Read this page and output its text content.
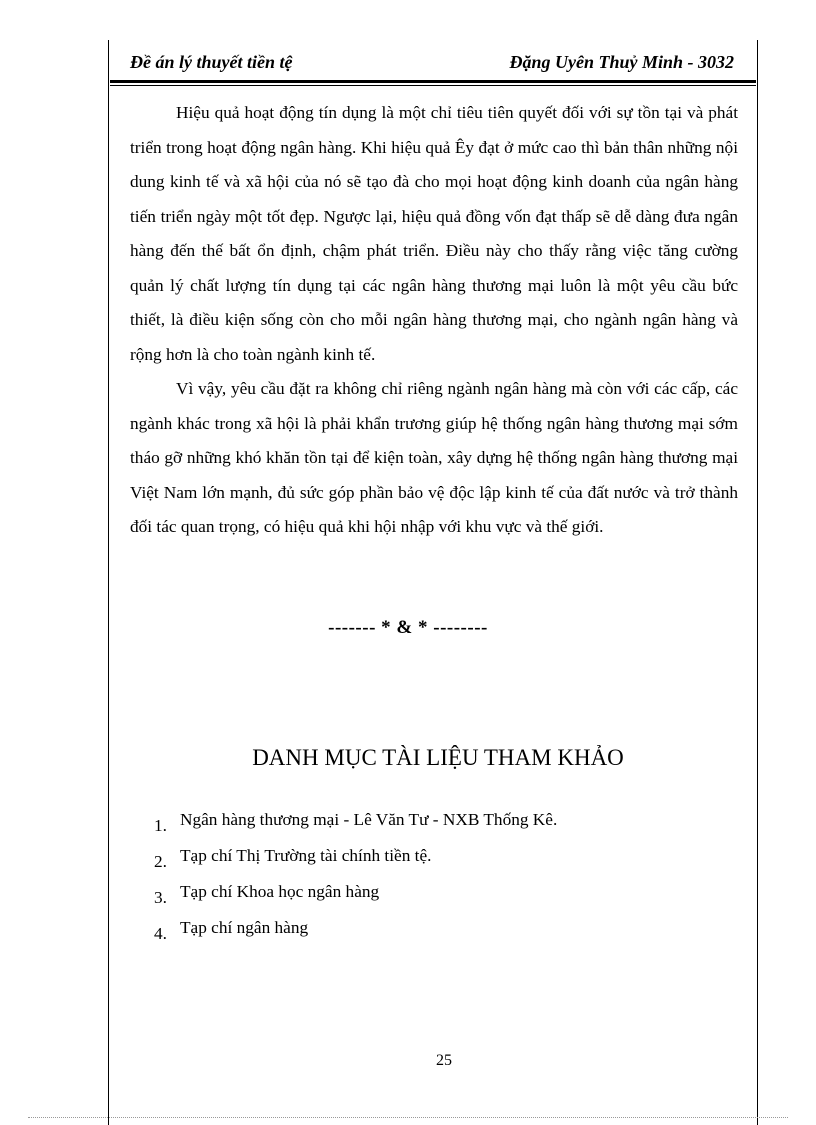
Đề án lý thuyết tiền tệ	Đặng Uyên Thuỷ Minh - 3032

Hiệu quả hoạt động tín dụng là một chỉ tiêu tiên quyết đối với sự tồn tại và phát triển trong hoạt động ngân hàng. Khi hiệu quả Êy đạt ở mức cao thì bản thân những nội dung kinh tế và xã hội của nó sẽ tạo đà cho mọi hoạt động kinh doanh của ngân hàng tiến triển ngày một tốt đẹp. Ngược lại, hiệu quả đồng vốn đạt thấp sẽ dễ dàng đưa ngân hàng đến thế bất ổn định, chậm phát triển. Điều này cho thấy rằng việc tăng cường quản lý chất lượng tín dụng tại các ngân hàng thương mại luôn là một yêu cầu bức thiết, là điều kiện sống còn cho mỗi ngân hàng thương mại, cho ngành ngân hàng và rộng hơn là cho toàn ngành kinh tế.

Vì vậy, yêu cầu đặt ra không chỉ riêng ngành ngân hàng mà còn với các cấp, các ngành khác trong xã hội là phải khẩn trương giúp hệ thống ngân hàng thương mại sớm tháo gỡ những khó khăn tồn tại để kiện toàn, xây dựng hệ thống ngân hàng thương mại Việt Nam lớn mạnh, đủ sức góp phần bảo vệ độc lập kinh tế của đất nước và trở thành đối tác quan trọng, có hiệu quả khi hội nhập với khu vực và thế giới.

------- * & * --------
DANH MỤC TÀI LIỆU THAM KHẢO
1. Ngân hàng thương mại - Lê Văn Tư - NXB Thống Kê.
2. Tạp chí Thị Trường tài chính tiền tệ.
3. Tạp chí Khoa học ngân hàng
4. Tạp chí ngân hàng
25
